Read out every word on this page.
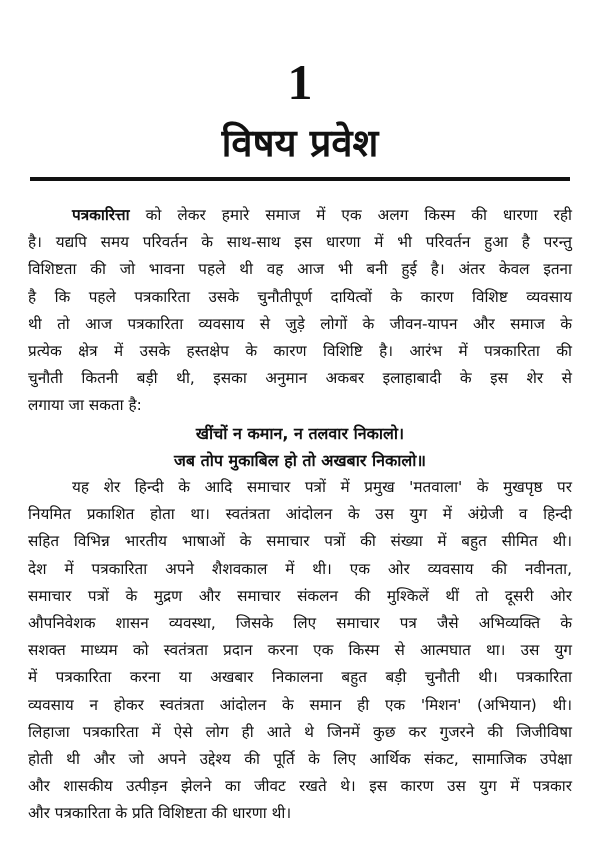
1
विषय प्रवेश
पत्रकारित्ता को लेकर हमारे समाज में एक अलग किस्म की धारणा रही
है। यद्यपि समय परिवर्तन के साथ-साथ इस धारणा में भी परिवर्तन हुआ है परन्तु
विशिष्टता की जो भावना पहले थी वह आज भी बनी हुई है। अंतर केवल इतना
है कि पहले पत्रकारिता उसके चुनौतीपूर्ण दायित्वों के कारण विशिष्ट व्यवसाय
थी तो आज पत्रकारिता व्यवसाय से जुड़े लोगों के जीवन-यापन और समाज के
प्रत्येक क्षेत्र में उसके हस्तक्षेप के कारण विशिष्टि है। आरंभ में पत्रकारिता की
चुनौती कितनी बड़ी थी, इसका अनुमान अकबर इलाहाबादी के इस शेर से
लगाया जा सकता है:
खींचों न कमान, न तलवार निकालो।
जब तोप मुकाबिल हो तो अखबार निकालो॥
यह शेर हिन्दी के आदि समाचार पत्रों में प्रमुख 'मतवाला' के मुखपृष्ठ पर
नियमित प्रकाशित होता था। स्वतंत्रता आंदोलन के उस युग में अंग्रेजी व हिन्दी
सहित विभिन्न भारतीय भाषाओं के समाचार पत्रों की संख्या में बहुत सीमित थी।
देश में पत्रकारिता अपने शैशवकाल में थी। एक ओर व्यवसाय की नवीनता,
समाचार पत्रों के मुद्रण और समाचार संकलन की मुश्किलें थीं तो दूसरी ओर
औपनिवेशक शासन व्यवस्था, जिसके लिए समाचार पत्र जैसे अभिव्यक्ति के
सशक्त माध्यम को स्वतंत्रता प्रदान करना एक किस्म से आत्मघात था। उस युग
में पत्रकारिता करना या अखबार निकालना बहुत बड़ी चुनौती थी। पत्रकारिता
व्यवसाय न होकर स्वतंत्रता आंदोलन के समान ही एक 'मिशन' (अभियान) थी।
लिहाजा पत्रकारिता में ऐसे लोग ही आते थे जिनमें कुछ कर गुजरने की जिजीविषा
होती थी और जो अपने उद्देश्य की पूर्ति के लिए आर्थिक संकट, सामाजिक उपेक्षा
और शासकीय उत्पीड़न झेलने का जीवट रखते थे। इस कारण उस युग में पत्रकार
और पत्रकारिता के प्रति विशिष्टता की धारणा थी।
